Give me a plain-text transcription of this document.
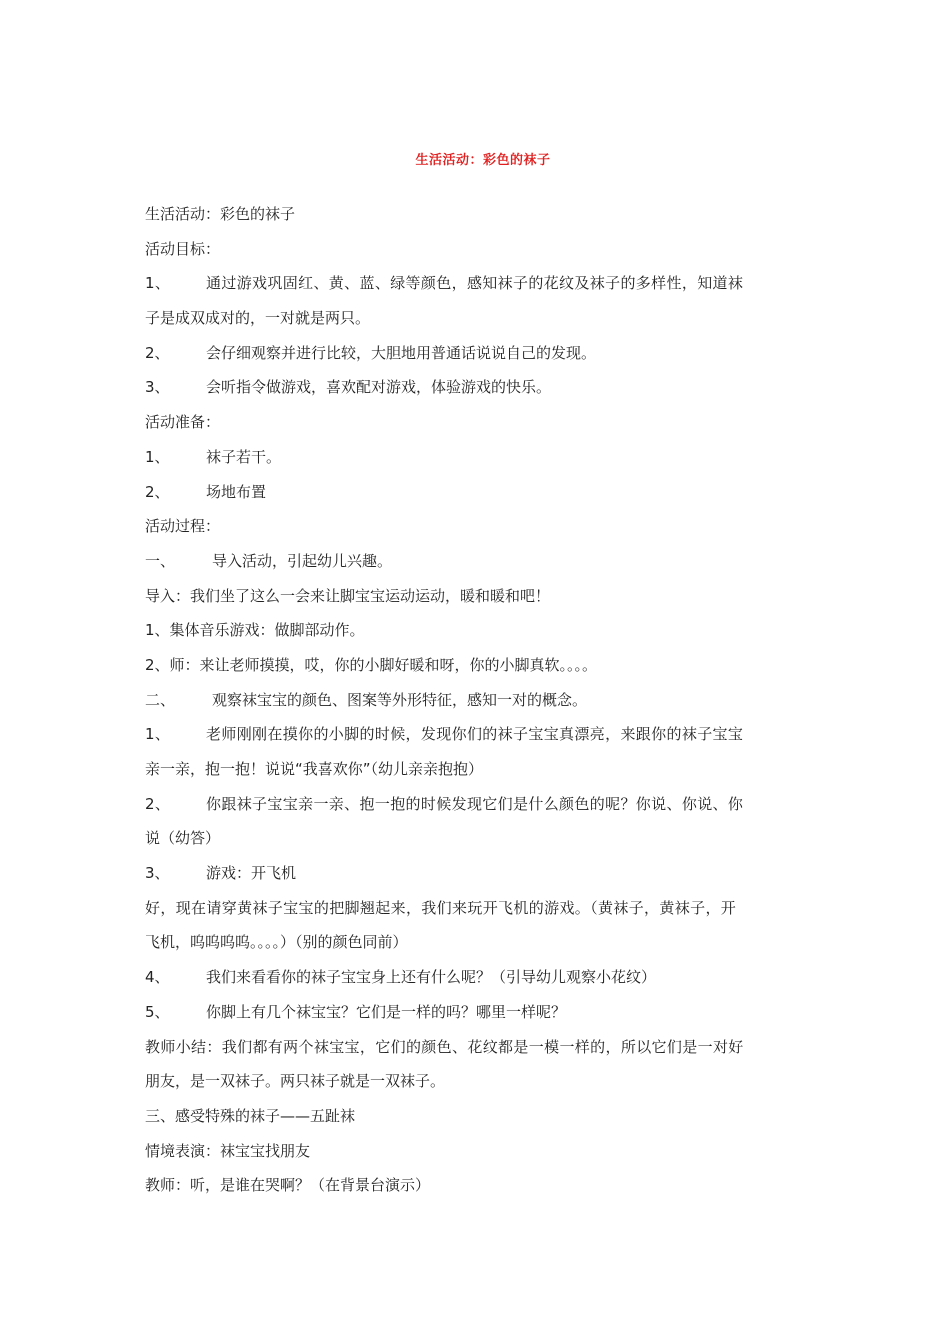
生活活动：彩色的袜子
生活活动：彩色的袜子
活动目标：
1、 通过游戏巩固红、黄、蓝、绿等颜色，感知袜子的花纹及袜子的多样性，知道袜
子是成双成对的，一对就是两只。
2、 会仔细观察并进行比较，大胆地用普通话说说自己的发现。
3、 会听指令做游戏，喜欢配对游戏，体验游戏的快乐。
活动准备：
1、 袜子若干。
2、 场地布置
活动过程：
一、 导入活动，引起幼儿兴趣。
导入：我们坐了这么一会来让脚宝宝运动运动，暖和暖和吧！
1、集体音乐游戏：做脚部动作。
2、师：来让老师摸摸，哎，你的小脚好暖和呀，你的小脚真软。。。。
二、 观察袜宝宝的颜色、图案等外形特征，感知一对的概念。
1、 老师刚刚在摸你的小脚的时候，发现你们的袜子宝宝真漂亮，来跟你的袜子宝宝
亲一亲，抱一抱！说说“我喜欢你”（幼儿亲亲抱抱）
2、 你跟袜子宝宝亲一亲、抱一抱的时候发现它们是什么颜色的呢？你说、你说、你
说（幼答）
3、 游戏：开飞机
好，现在请穿黄袜子宝宝的把脚翘起来，我们来玩开飞机的游戏。（黄袜子，黄袜子，开
飞机，呜呜呜呜。。。。）（别的颜色同前）
4、 我们来看看你的袜子宝宝身上还有什么呢？（引导幼儿观察小花纹）
5、 你脚上有几个袜宝宝？它们是一样的吗？哪里一样呢？
教师小结：我们都有两个袜宝宝，它们的颜色、花纹都是一模一样的，所以它们是一对好
朋友，是一双袜子。两只袜子就是一双袜子。
三、感受特殊的袜子——五趾袜
情境表演：袜宝宝找朋友
教师：听，是谁在哭啊？（在背景台演示）
